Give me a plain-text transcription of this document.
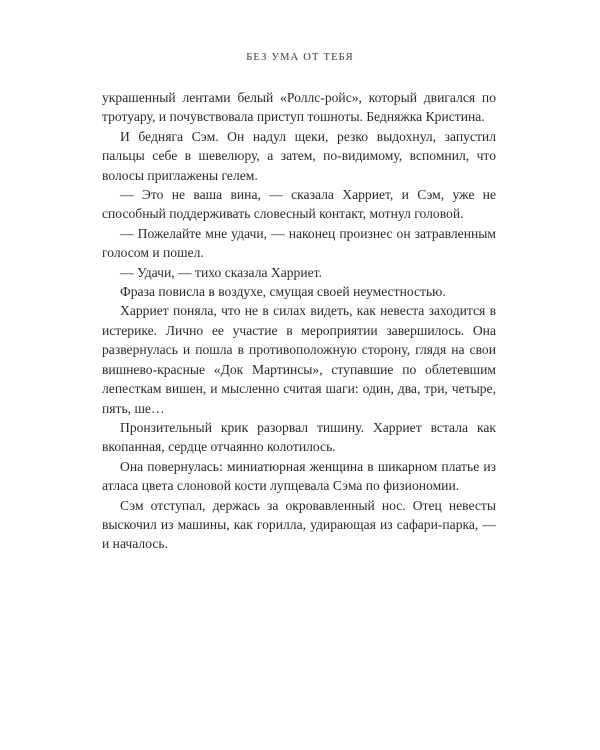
БЕЗ УМА ОТ ТЕБЯ

украшенный лентами белый «Роллс-ройс», который двигался по тротуару, и почувствовала приступ тошноты. Бедняжка Кристина.

И бедняга Сэм. Он надул щеки, резко выдохнул, запустил пальцы себе в шевелюру, а затем, по-видимому, вспомнил, что волосы приглажены гелем.

— Это не ваша вина, — сказала Харриет, и Сэм, уже не способный поддерживать словесный контакт, мотнул головой.

— Пожелайте мне удачи, — наконец произнес он затравленным голосом и пошел.

— Удачи, — тихо сказала Харриет.

Фраза повисла в воздухе, смущая своей неуместностью.

Харриет поняла, что не в силах видеть, как невеста заходится в истерике. Лично ее участие в мероприятии завершилось. Она развернулась и пошла в противоположную сторону, глядя на свои вишнево-красные «Док Мартинсы», ступавшие по облетевшим лепесткам вишен, и мысленно считая шаги: один, два, три, четыре, пять, ше…

Пронзительный крик разорвал тишину. Харриет встала как вкопанная, сердце отчаянно колотилось.

Она повернулась: миниатюрная женщина в шикарном платье из атласа цвета слоновой кости лупцевала Сэма по физиономии.

Сэм отступал, держась за окровавленный нос. Отец невесты выскочил из машины, как горилла, удирающая из сафари-парка, — и началось.
